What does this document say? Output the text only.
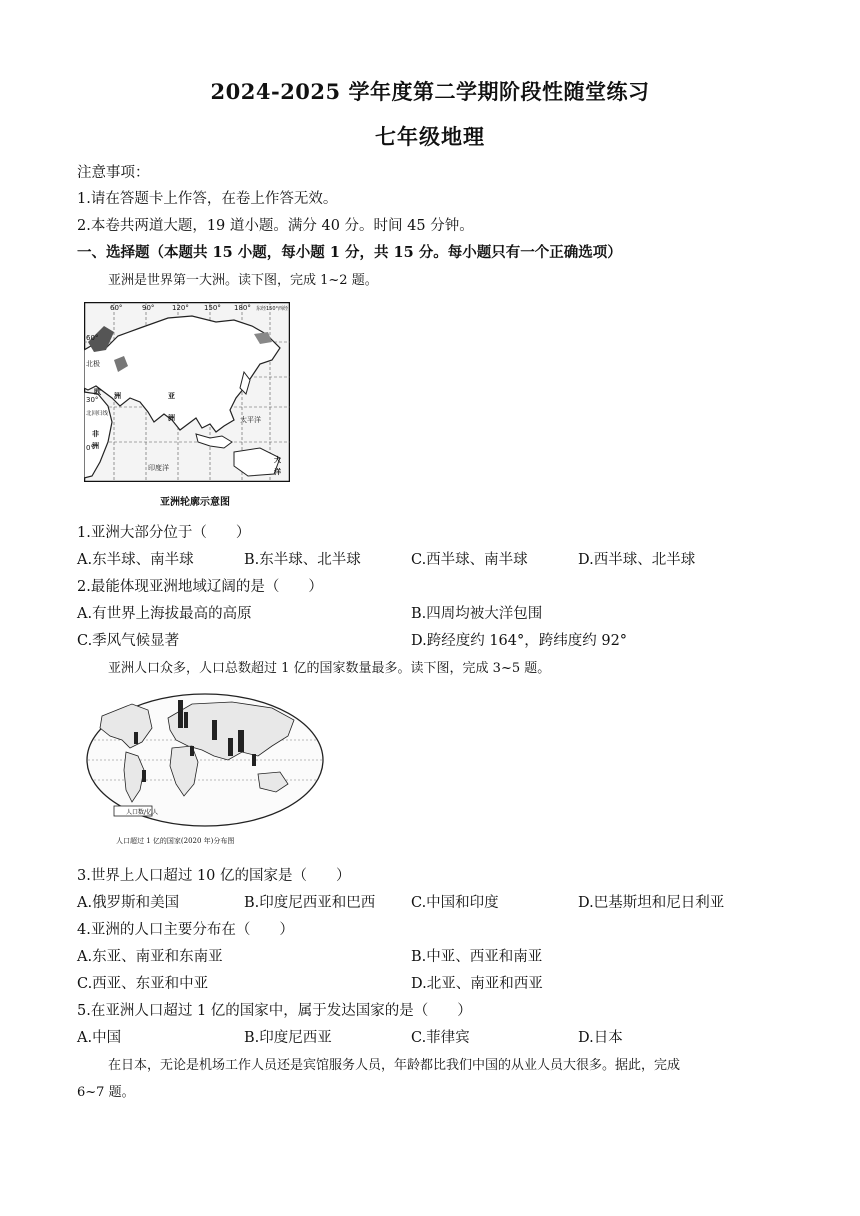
2024-2025 学年度第二学期阶段性随堂练习
七年级地理
注意事项：
1.请在答题卡上作答，在卷上作答无效。
2.本卷共两道大题，19 道小题。满分 40 分。时间 45 分钟。
一、选择题（本题共 15 小题，每小题 1 分，共 15 分。每小题只有一个正确选项）
亚洲是世界第一大洲。读下图，完成 1~2 题。
60°	90°	120° 150° 180° 东经150°西经
60°
北极
30°
北回归线
0°
欧 洲	亚
洲
非
洲
印度洋
太平洋
大
洋
亚洲轮廓示意图
1.亚洲大部分位于（　　）
A.东半球、南半球	B.东半球、北半球	C.西半球、南半球	D.西半球、北半球
2.最能体现亚洲地域辽阔的是（　　）
A.有世界上海拔最高的高原	B.四周均被大洋包围
C.季风气候显著	D.跨经度约 164°，跨纬度约 92°
亚洲人口众多，人口总数超过 1 亿的国家数量最多。读下图，完成 3~5 题。
人口数/亿人
人口超过 1 亿的国家(2020 年)分布图
3.世界上人口超过 10 亿的国家是（　　）
A.俄罗斯和美国	B.印度尼西亚和巴西 C.中国和印度	D.巴基斯坦和尼日利亚
4.亚洲的人口主要分布在（　　）
A.东亚、南亚和东南亚	B.中亚、西亚和南亚
C.西亚、东亚和中亚	D.北亚、南亚和西亚
5.在亚洲人口超过 1 亿的国家中，属于发达国家的是（　　）
A.中国	B.印度尼西亚	C.菲律宾	D.日本
在日本，无论是机场工作人员还是宾馆服务人员，年龄都比我们中国的从业人员大很多。据此，完成
6~7 题。
